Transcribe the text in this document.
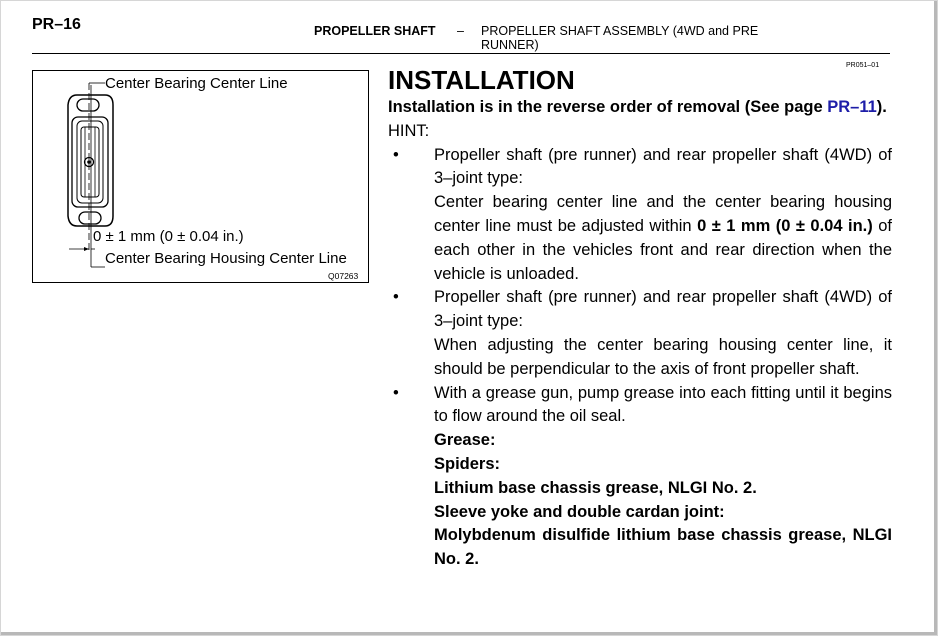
PR–16	PROPELLER SHAFT – PROPELLER SHAFT ASSEMBLY (4WD and PRE RUNNER)
PR051–01
Center Bearing Center Line
0 ± 1 mm (0 ± 0.04 in.)
Center Bearing Housing Center Line
Q07263
INSTALLATION
Installation is in the reverse order of removal (See page PR–11).
HINT:
• Propeller shaft (pre runner) and rear propeller shaft (4WD) of 3–joint type:
Center bearing center line and the center bearing housing center line must be adjusted within 0 ± 1 mm (0 ± 0.04 in.) of each other in the vehicles front and rear direction when the vehicle is unloaded.
• Propeller shaft (pre runner) and rear propeller shaft (4WD) of 3–joint type:
When adjusting the center bearing housing center line, it should be perpendicular to the axis of front propeller shaft.
• With a grease gun, pump grease into each fitting until it begins to flow around the oil seal.
Grease:
Spiders:
Lithium base chassis grease, NLGI No. 2.
Sleeve yoke and double cardan joint:
Molybdenum disulfide lithium base chassis grease, NLGI No. 2.
